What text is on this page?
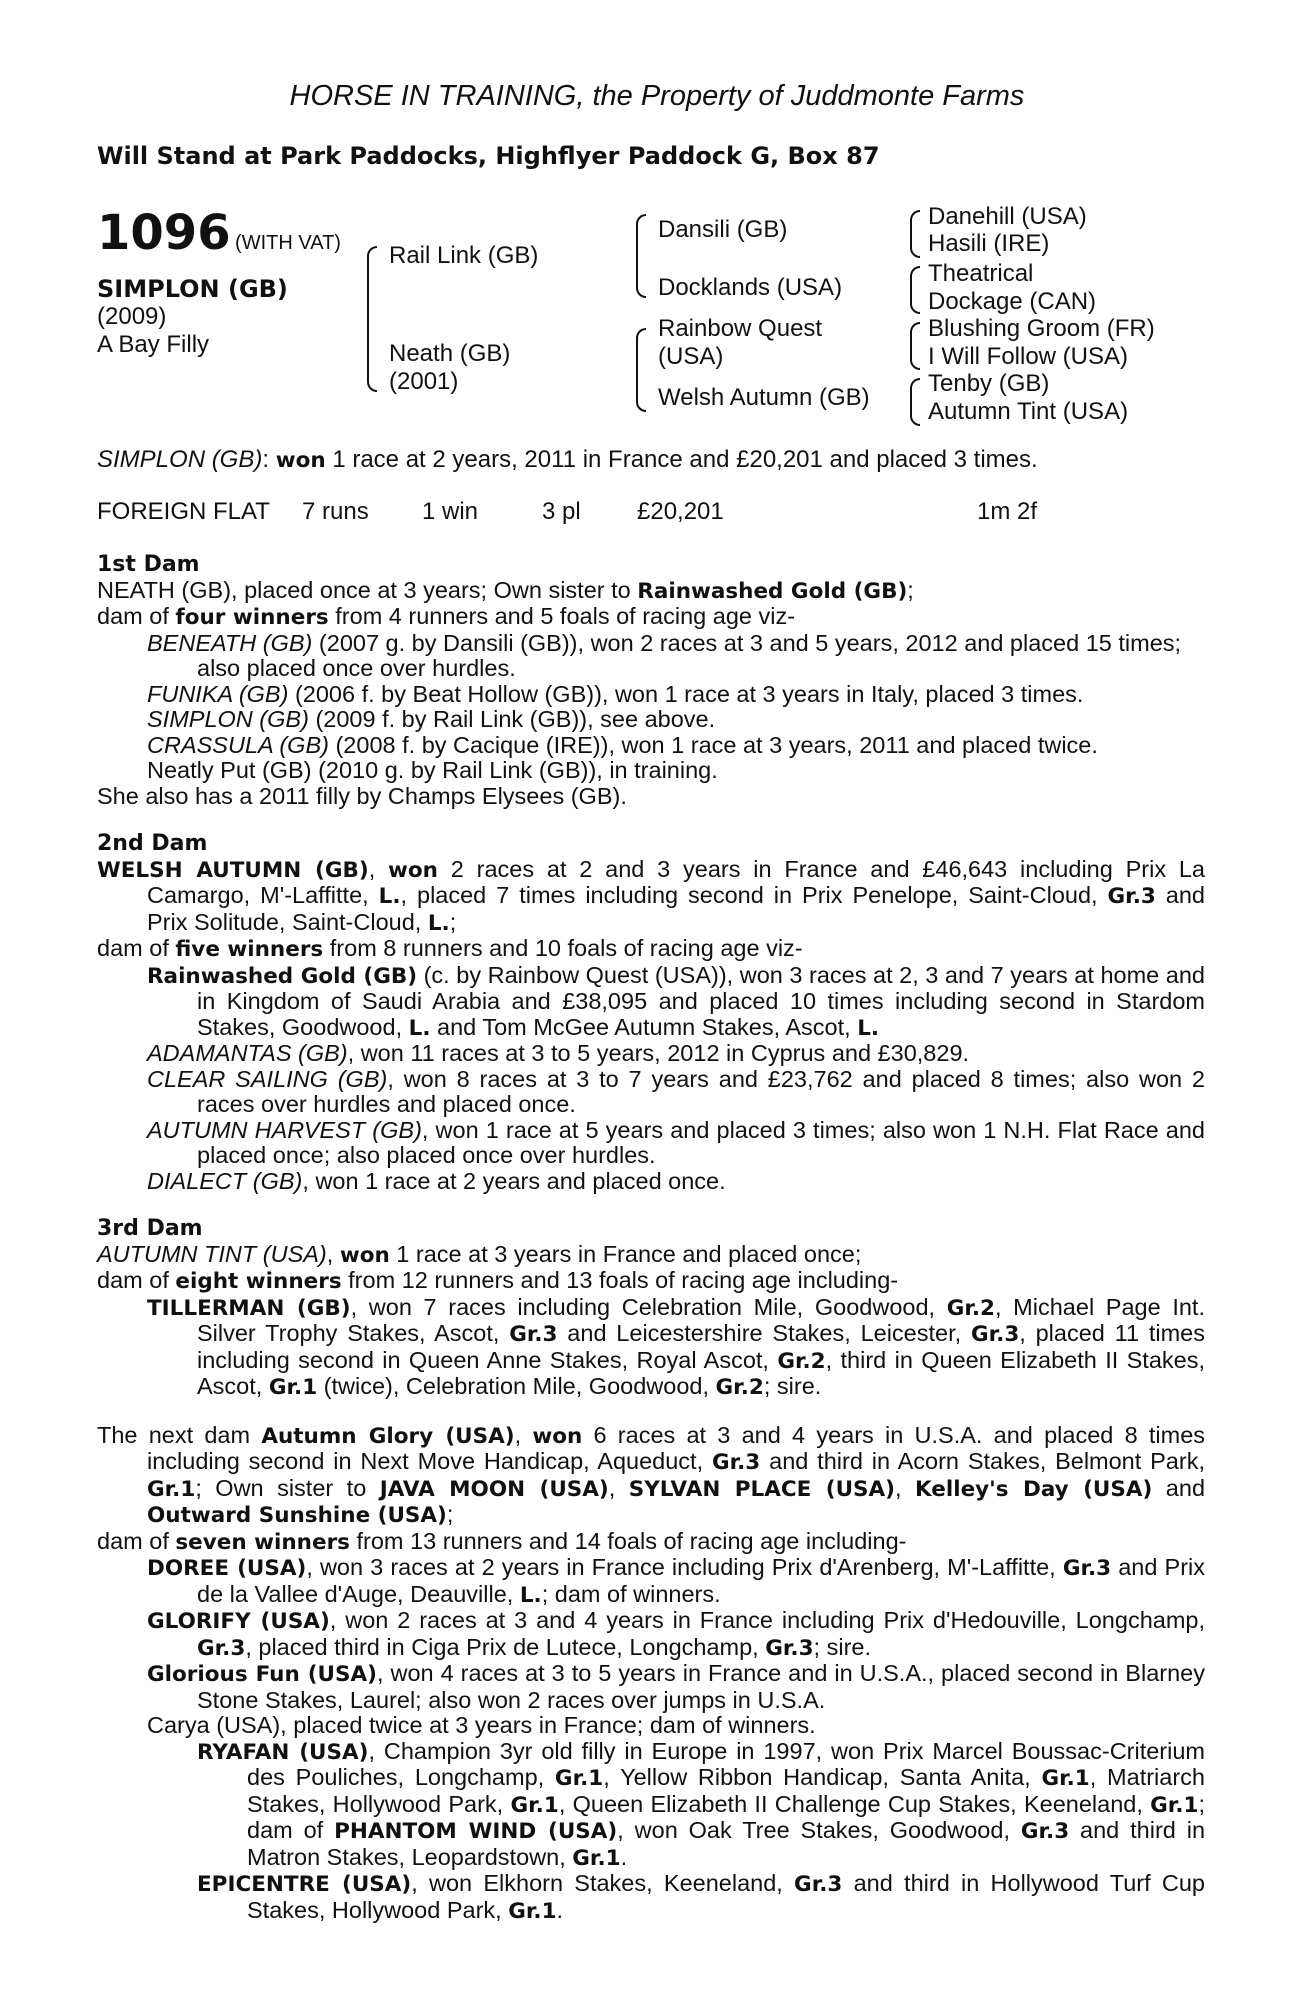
HORSE IN TRAINING, the Property of Juddmonte Farms
Will Stand at Park Paddocks, Highflyer Paddock G, Box 87
1096 (WITH VAT)
SIMPLON (GB)
(2009)
A Bay Filly
Rail Link (GB)
Neath (GB)
(2001)
Dansili (GB)
Docklands (USA)
Rainbow Quest
(USA)
Welsh Autumn (GB)
Danehill (USA)
Hasili (IRE)
Theatrical
Dockage (CAN)
Blushing Groom (FR)
I Will Follow (USA)
Tenby (GB)
Autumn Tint (USA)
SIMPLON (GB): won 1 race at 2 years, 2011 in France and £20,201 and placed 3 times.
FOREIGN FLAT 7 runs 1 win	3 pl £20,201	1m 2f
1st Dam
NEATH (GB), placed once at 3 years; Own sister to Rainwashed Gold (GB);
dam of four winners from 4 runners and 5 foals of racing age viz-
BENEATH (GB) (2007 g. by Dansili (GB)), won 2 races at 3 and 5 years, 2012 and placed 15 times; also placed once over hurdles.
FUNIKA (GB) (2006 f. by Beat Hollow (GB)), won 1 race at 3 years in Italy, placed 3 times.
SIMPLON (GB) (2009 f. by Rail Link (GB)), see above.
CRASSULA (GB) (2008 f. by Cacique (IRE)), won 1 race at 3 years, 2011 and placed twice.
Neatly Put (GB) (2010 g. by Rail Link (GB)), in training.
She also has a 2011 filly by Champs Elysees (GB).
2nd Dam
WELSH AUTUMN (GB), won 2 races at 2 and 3 years in France and £46,643 including Prix La Camargo, M'-Laffitte, L., placed 7 times including second in Prix Penelope, Saint-Cloud, Gr.3 and Prix Solitude, Saint-Cloud, L.;
dam of five winners from 8 runners and 10 foals of racing age viz-
Rainwashed Gold (GB) (c. by Rainbow Quest (USA)), won 3 races at 2, 3 and 7 years at home and in Kingdom of Saudi Arabia and £38,095 and placed 10 times including second in Stardom Stakes, Goodwood, L. and Tom McGee Autumn Stakes, Ascot, L.
ADAMANTAS (GB), won 11 races at 3 to 5 years, 2012 in Cyprus and £30,829.
CLEAR SAILING (GB), won 8 races at 3 to 7 years and £23,762 and placed 8 times; also won 2 races over hurdles and placed once.
AUTUMN HARVEST (GB), won 1 race at 5 years and placed 3 times; also won 1 N.H. Flat Race and placed once; also placed once over hurdles.
DIALECT (GB), won 1 race at 2 years and placed once.
3rd Dam
AUTUMN TINT (USA), won 1 race at 3 years in France and placed once;
dam of eight winners from 12 runners and 13 foals of racing age including-
TILLERMAN (GB), won 7 races including Celebration Mile, Goodwood, Gr.2, Michael Page Int. Silver Trophy Stakes, Ascot, Gr.3 and Leicestershire Stakes, Leicester, Gr.3, placed 11 times including second in Queen Anne Stakes, Royal Ascot, Gr.2, third in Queen Elizabeth II Stakes, Ascot, Gr.1 (twice), Celebration Mile, Goodwood, Gr.2; sire.
The next dam Autumn Glory (USA), won 6 races at 3 and 4 years in U.S.A. and placed 8 times including second in Next Move Handicap, Aqueduct, Gr.3 and third in Acorn Stakes, Belmont Park, Gr.1; Own sister to JAVA MOON (USA), SYLVAN PLACE (USA), Kelley's Day (USA) and Outward Sunshine (USA);
dam of seven winners from 13 runners and 14 foals of racing age including-
DOREE (USA), won 3 races at 2 years in France including Prix d'Arenberg, M'-Laffitte, Gr.3 and Prix de la Vallee d'Auge, Deauville, L.; dam of winners.
GLORIFY (USA), won 2 races at 3 and 4 years in France including Prix d'Hedouville, Longchamp, Gr.3, placed third in Ciga Prix de Lutece, Longchamp, Gr.3; sire.
Glorious Fun (USA), won 4 races at 3 to 5 years in France and in U.S.A., placed second in Blarney Stone Stakes, Laurel; also won 2 races over jumps in U.S.A.
Carya (USA), placed twice at 3 years in France; dam of winners.
RYAFAN (USA), Champion 3yr old filly in Europe in 1997, won Prix Marcel Boussac-Criterium des Pouliches, Longchamp, Gr.1, Yellow Ribbon Handicap, Santa Anita, Gr.1, Matriarch Stakes, Hollywood Park, Gr.1, Queen Elizabeth II Challenge Cup Stakes, Keeneland, Gr.1; dam of PHANTOM WIND (USA), won Oak Tree Stakes, Goodwood, Gr.3 and third in Matron Stakes, Leopardstown, Gr.1.
EPICENTRE (USA), won Elkhorn Stakes, Keeneland, Gr.3 and third in Hollywood Turf Cup Stakes, Hollywood Park, Gr.1.
